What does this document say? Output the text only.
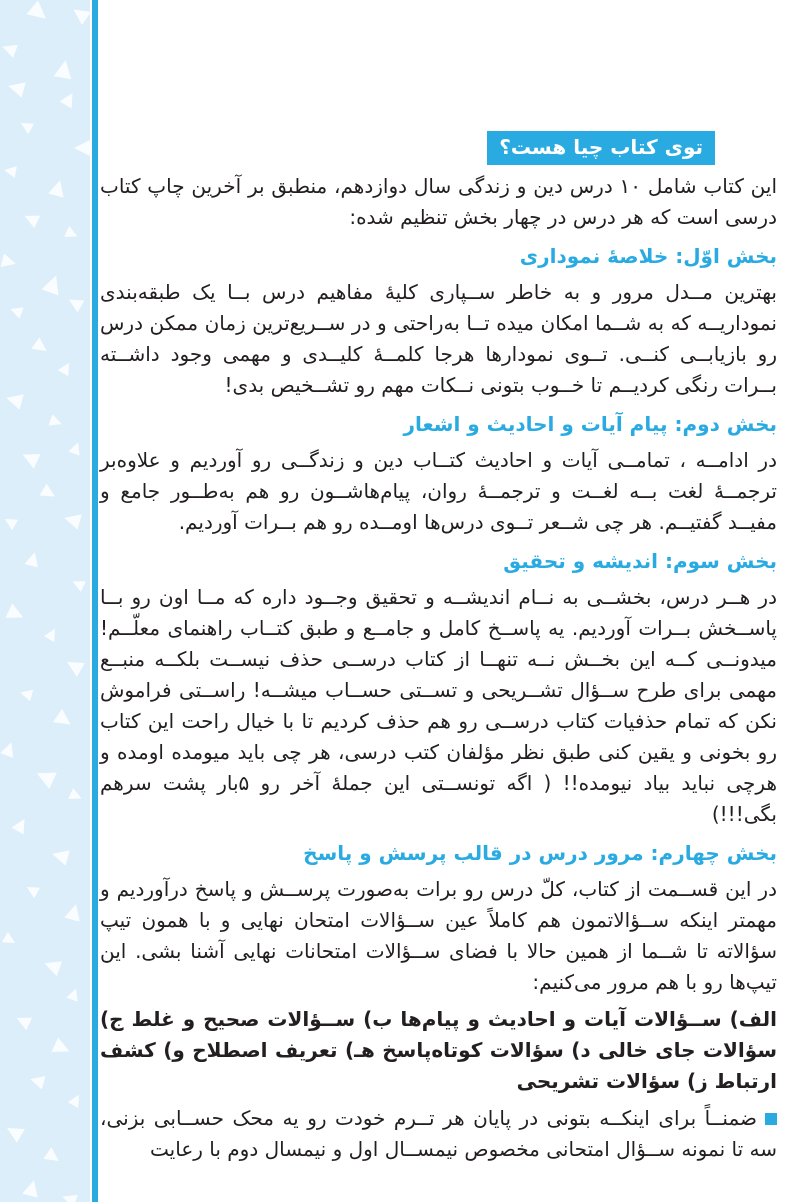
توی کتاب چیا هست؟

این کتاب شامل ۱۰ درس دین و زندگی سال دوازدهم، منطبق بر آخرین چاپ کتاب درسی است که هر درس در چهار بخش تنظیم شده:

بخش اوّل: خلاصهٔ نموداری

بهترین مــدل مرور و به خاطر ســپاری کلیهٔ مفاهیم درس بــا یک طبقه‌بندی نموداریــه که به شــما امکان میده تــا به‌راحتی و در ســریع‌ترین زمان ممکن درس رو بازیابــی کنــی. تــوی نمودارها هرجا کلمــهٔ کلیــدی و مهمی وجود داشــته بــرات رنگی کردیــم تا خــوب بتونی نــکات مهم رو تشــخیص بدی!

بخش دوم: پیام آیات و احادیث و اشعار

در ادامــه ، تمامــی آیات و احادیث کتــاب دین و زندگــی رو آوردیم و علاوه‌بر ترجمــهٔ لغت بــه لغــت و ترجمــهٔ روان، پیام‌هاشــون رو هم به‌طــور جامع و مفیــد گفتیــم. هر چی شــعر تــوی درس‌ها اومــده رو هم بــرات آوردیم.

بخش سوم: اندیشه و تحقیق

در هــر درس، بخشــی به نــام اندیشــه و تحقیق وجــود داره که مــا اون رو بــا پاســخش بــرات آوردیم. یه پاســخ کامل و جامــع و طبق کتــاب راهنمای معلّــم! میدونــی کــه این بخــش نــه تنهــا از کتاب درســی حذف نیســت بلکــه منبــع مهمی برای طرح ســؤال تشــریحی و تســتی حســاب میشــه! راســتی فراموش نکن که تمام حذفیات کتاب درســی رو هم حذف کردیم تا با خیال راحت این کتاب رو بخونی و یقین کنی طبق نظر مؤلفان کتب درسی، هر چی باید میومده اومده و هرچی نباید بیاد نیومده!! ( اگه تونســتی این جملهٔ آخر رو ۵بار پشت سرهم بگی!!!)

بخش چهارم: مرور درس در قالب پرسش و پاسخ

در این قســمت از کتاب، کلّ درس رو برات به‌صورت پرســش و پاسخ درآوردیم و مهمتر اینکه ســؤالاتمون هم کاملاً عین ســؤالات امتحان نهایی و با همون تیپ سؤالاته تا شــما از همین حالا با فضای ســؤالات امتحانات نهایی آشنا بشی. این تیپ‌ها رو با هم مرور می‌کنیم:

الف) ســؤالات آیات و احادیث و پیام‌ها ب) ســؤالات صحیح و غلط ج) سؤالات جای خالی د) سؤالات کوتاه‌پاسخ هـ) تعریف اصطلاح و) کشف ارتباط ز) سؤالات تشریحی

ضمنــاً برای اینکــه بتونی در پایان هر تــرم خودت رو یه محک حســابی بزنی، سه تا نمونه ســؤال امتحانی مخصوص نیمســال اول و نیمسال دوم با رعایت
